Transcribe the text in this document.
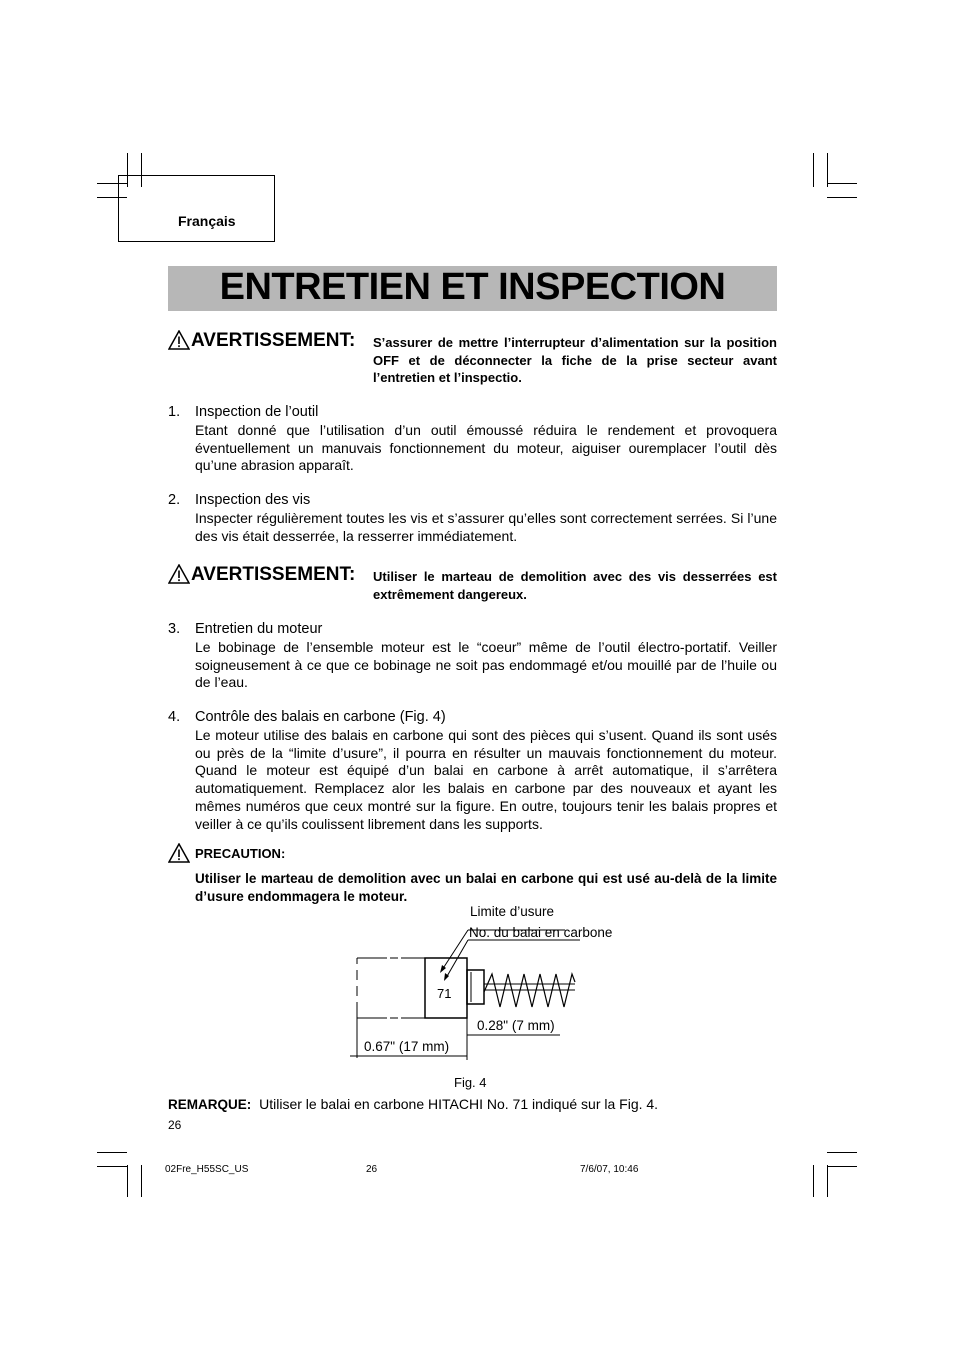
Français
ENTRETIEN ET INSPECTION
AVERTISSEMENT: S’assurer de mettre l’interrupteur d’alimentation sur la position OFF et de déconnecter la fiche de la prise secteur avant l’entretien et l’inspectio.
1. Inspection de l’outil
Etant donné que l’utilisation d’un outil émoussé réduira le rendement et provoquera éventuellement un manuvais fonctionnement du moteur, aiguiser ouremplacer l’outil dès qu’une abrasion apparaît.
2. Inspection des vis
Inspecter régulièrement toutes les vis et s’assurer qu’elles sont correctement serrées. Si l’une des vis était desserrée, la resserrer immédiatement.
AVERTISSEMENT: Utiliser le marteau de demolition avec des vis desserrées est extrêmement dangereux.
3. Entretien du moteur
Le bobinage de l’ensemble moteur est le “coeur” même de l’outil électro-portatif. Veiller soigneusement à ce que ce bobinage ne soit pas endommagé et/ou mouillé par de l’huile ou de l’eau.
4. Contrôle des balais en carbone (Fig. 4)
Le moteur utilise des balais en carbone qui sont des pièces qui s’usent. Quand ils sont usés ou près de la “limite d’usure”, il pourra en résulter un mauvais fonctionnement du moteur. Quand le moteur est équipé d’un balai en carbone à arrêt automatique, il s’arrêtera automatiquement. Remplacez alor les balais en carbone par des nouveaux et ayant les mêmes numéros que ceux montré sur la figure. En outre, toujours tenir les balais propres et veiller à ce qu’ils coulissent librement dans les supports.
PRECAUTION:
Utiliser le marteau de demolition avec un balai en carbone qui est usé au-delà de la limite d’usure endommagera le moteur.
Limite d’usure
No. du balai en carbone
71
0.28" (7 mm)
0.67" (17 mm)
Fig. 4
REMARQUE: Utiliser le balai en carbone HITACHI No. 71 indiqué sur la Fig. 4.
26
02Fre_H55SC_US	26	7/6/07, 10:46
